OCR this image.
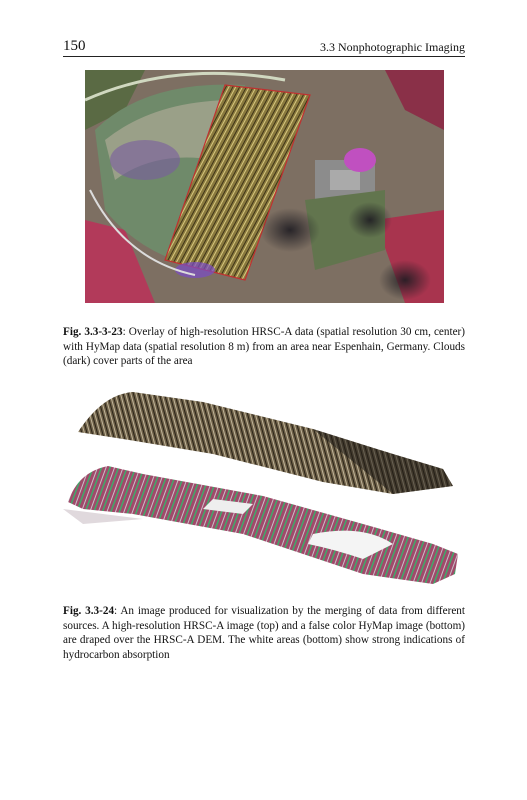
150	3.3 Nonphotographic Imaging
Fig. 3.3-3-23: Overlay of high-resolution HRSC-A data (spatial resolution 30 cm, center) with HyMap data (spatial resolution 8 m) from an area near Espenhain, Germany. Clouds (dark) cover parts of the area
Fig. 3.3-24: An image produced for visualization by the merging of data from different sources. A high-resolution HRSC-A image (top) and a false color HyMap image (bottom) are draped over the HRSC-A DEM. The white areas (bottom) show strong indications of hydrocarbon absorption
